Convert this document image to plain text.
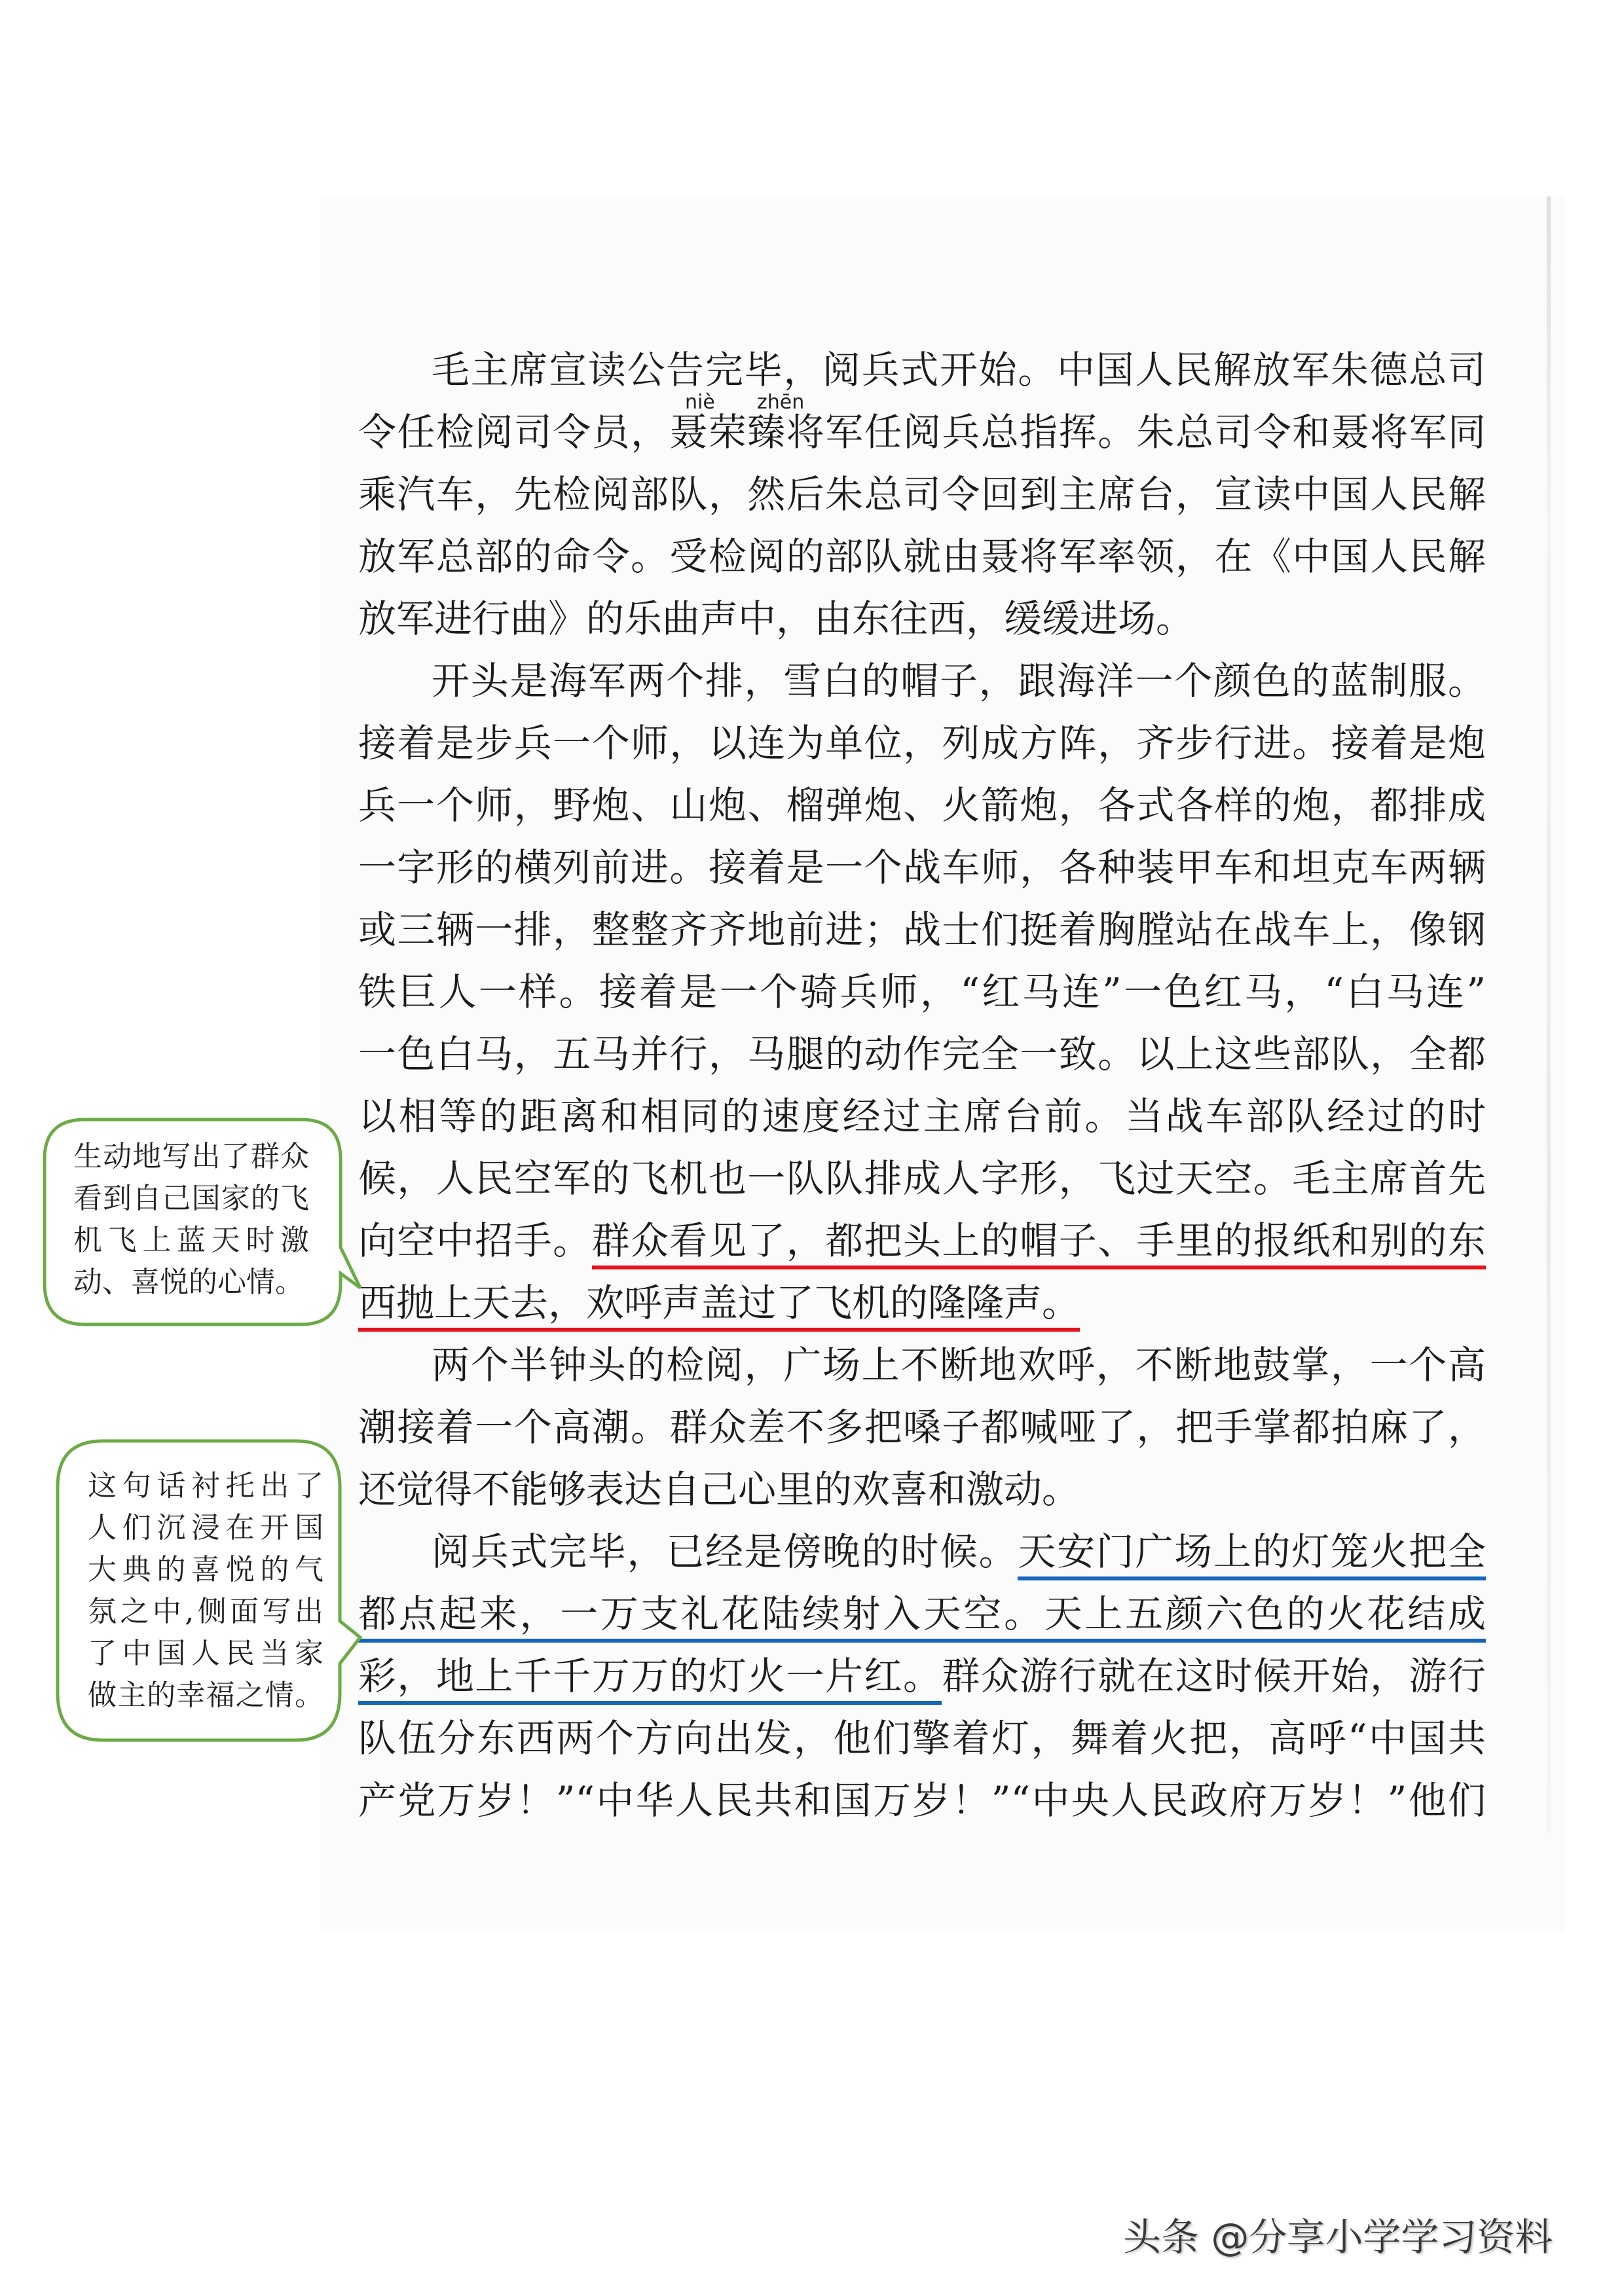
niè zhēn
毛主席宣读公告完毕，阅兵式开始。中国人民解放军朱德总司
令任检阅司令员，聂荣臻将军任阅兵总指挥。朱总司令和聂将军同
乘汽车，先检阅部队，然后朱总司令回到主席台，宣读中国人民解
放军总部的命令。受检阅的部队就由聂将军率领，在《中国人民解
放军进行曲》的乐曲声中，由东往西，缓缓进场。
开头是海军两个排，雪白的帽子，跟海洋一个颜色的蓝制服。
接着是步兵一个师，以连为单位，列成方阵，齐步行进。接着是炮
兵一个师，野炮、山炮、榴弹炮、火箭炮，各式各样的炮，都排成
一字形的横列前进。接着是一个战车师，各种装甲车和坦克车两辆
或三辆一排，整整齐齐地前进；战士们挺着胸膛站在战车上，像钢
铁巨人一样。接着是一个骑兵师，“红马连”一色红马，“白马连”
一色白马，五马并行，马腿的动作完全一致。以上这些部队，全都
以相等的距离和相同的速度经过主席台前。当战车部队经过的时
候，人民空军的飞机也一队队排成人字形，飞过天空。毛主席首先
向空中招手。群众看见了，都把头上的帽子、手里的报纸和别的东
西抛上天去，欢呼声盖过了飞机的隆隆声。
两个半钟头的检阅，广场上不断地欢呼，不断地鼓掌，一个高
潮接着一个高潮。群众差不多把嗓子都喊哑了，把手掌都拍麻了，
还觉得不能够表达自己心里的欢喜和激动。
阅兵式完毕，已经是傍晚的时候。天安门广场上的灯笼火把全
都点起来，一万支礼花陆续射入天空。天上五颜六色的火花结成
彩，地上千千万万的灯火一片红。群众游行就在这时候开始，游行
队伍分东西两个方向出发，他们擎着灯，舞着火把，高呼“中国共
产党万岁！”“中华人民共和国万岁！”“中央人民政府万岁！”他们
生动地写出了群众
看到自己国家的飞
机飞上蓝天时激
动、喜悦的心情。
这句话衬托出了
人们沉浸在开国
大典的喜悦的气
氛之中,侧面写出
了中国人民当家
做主的幸福之情。
头条 @分享小学学习资料
